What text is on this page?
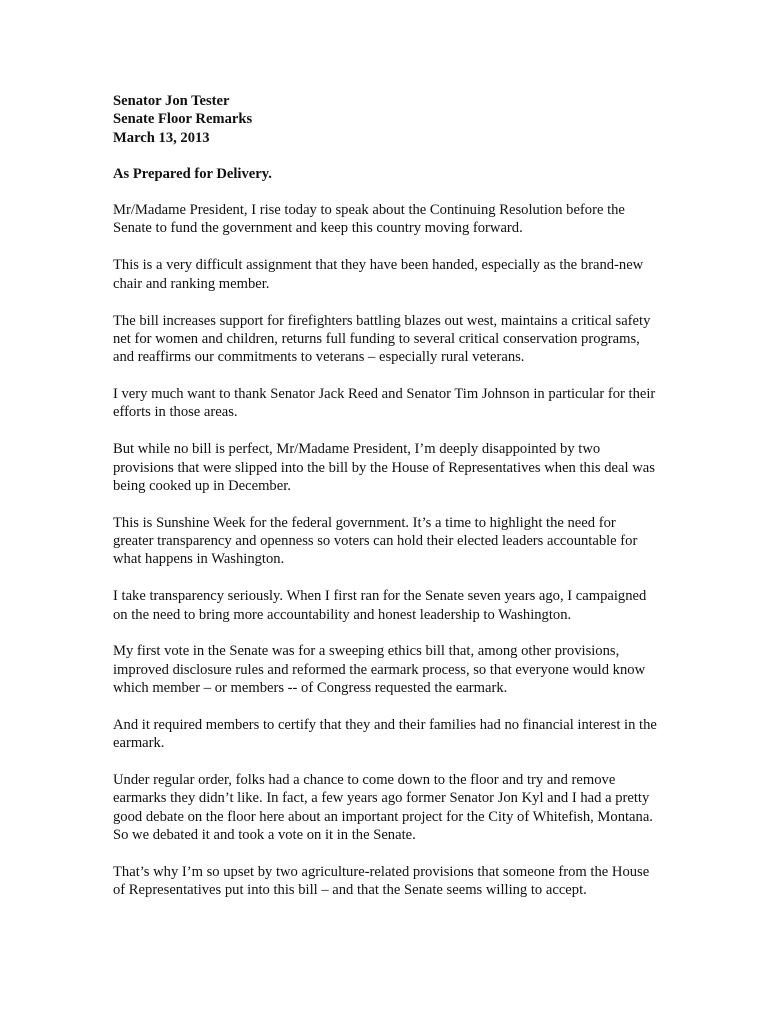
Senator Jon Tester

Senate Floor Remarks

March 13, 2013

As Prepared for Delivery.

Mr/Madame President, I rise today to speak about the Continuing Resolution before the Senate to fund the government and keep this country moving forward.

This is a very difficult assignment that they have been handed, especially as the brand-new chair and ranking member.

The bill increases support for firefighters battling blazes out west, maintains a critical safety net for women and children, returns full funding to several critical conservation programs, and reaffirms our commitments to veterans – especially rural veterans.

I very much want to thank Senator Jack Reed and Senator Tim Johnson in particular for their efforts in those areas.

But while no bill is perfect, Mr/Madame President, I’m deeply disappointed by two provisions that were slipped into the bill by the House of Representatives when this deal was being cooked up in December.

This is Sunshine Week for the federal government. It’s a time to highlight the need for greater transparency and openness so voters can hold their elected leaders accountable for what happens in Washington.

I take transparency seriously. When I first ran for the Senate seven years ago, I campaigned on the need to bring more accountability and honest leadership to Washington.

My first vote in the Senate was for a sweeping ethics bill that, among other provisions, improved disclosure rules and reformed the earmark process, so that everyone would know which member – or members -- of Congress requested the earmark.

And it required members to certify that they and their families had no financial interest in the earmark.

Under regular order, folks had a chance to come down to the floor and try and remove earmarks they didn’t like. In fact, a few years ago former Senator Jon Kyl and I had a pretty good debate on the floor here about an important project for the City of Whitefish, Montana. So we debated it and took a vote on it in the Senate.

That’s why I’m so upset by two agriculture-related provisions that someone from the House of Representatives put into this bill – and that the Senate seems willing to accept.
